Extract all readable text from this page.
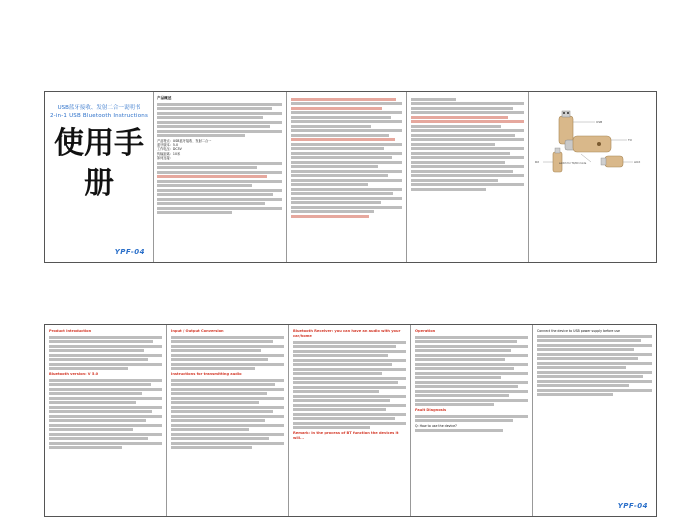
USB蓝牙接收、发射二合一说明书
2-in-1 USB Bluetooth Instructions
使用手册
YPF-04
产品概述
产品特点：USB蓝牙接收、发射二合一
蓝牙版本：5.0
工作电压：DC5V
传输距离：10米
如何连接：
USB
TX
switch for TX/RX mode
RX	AUX
Product Introduction
Bluetooth version: V 5.0
Input / Output Conversion
Instructions for transmitting audio
Bluetooth Receiver: you can have an audio with your car/home
Remark: In the process of BT function the devices it will...
Operation
Fault Diagnosis
Q: How to use the device?
Connect the device to USB power supply before use
YPF-04
